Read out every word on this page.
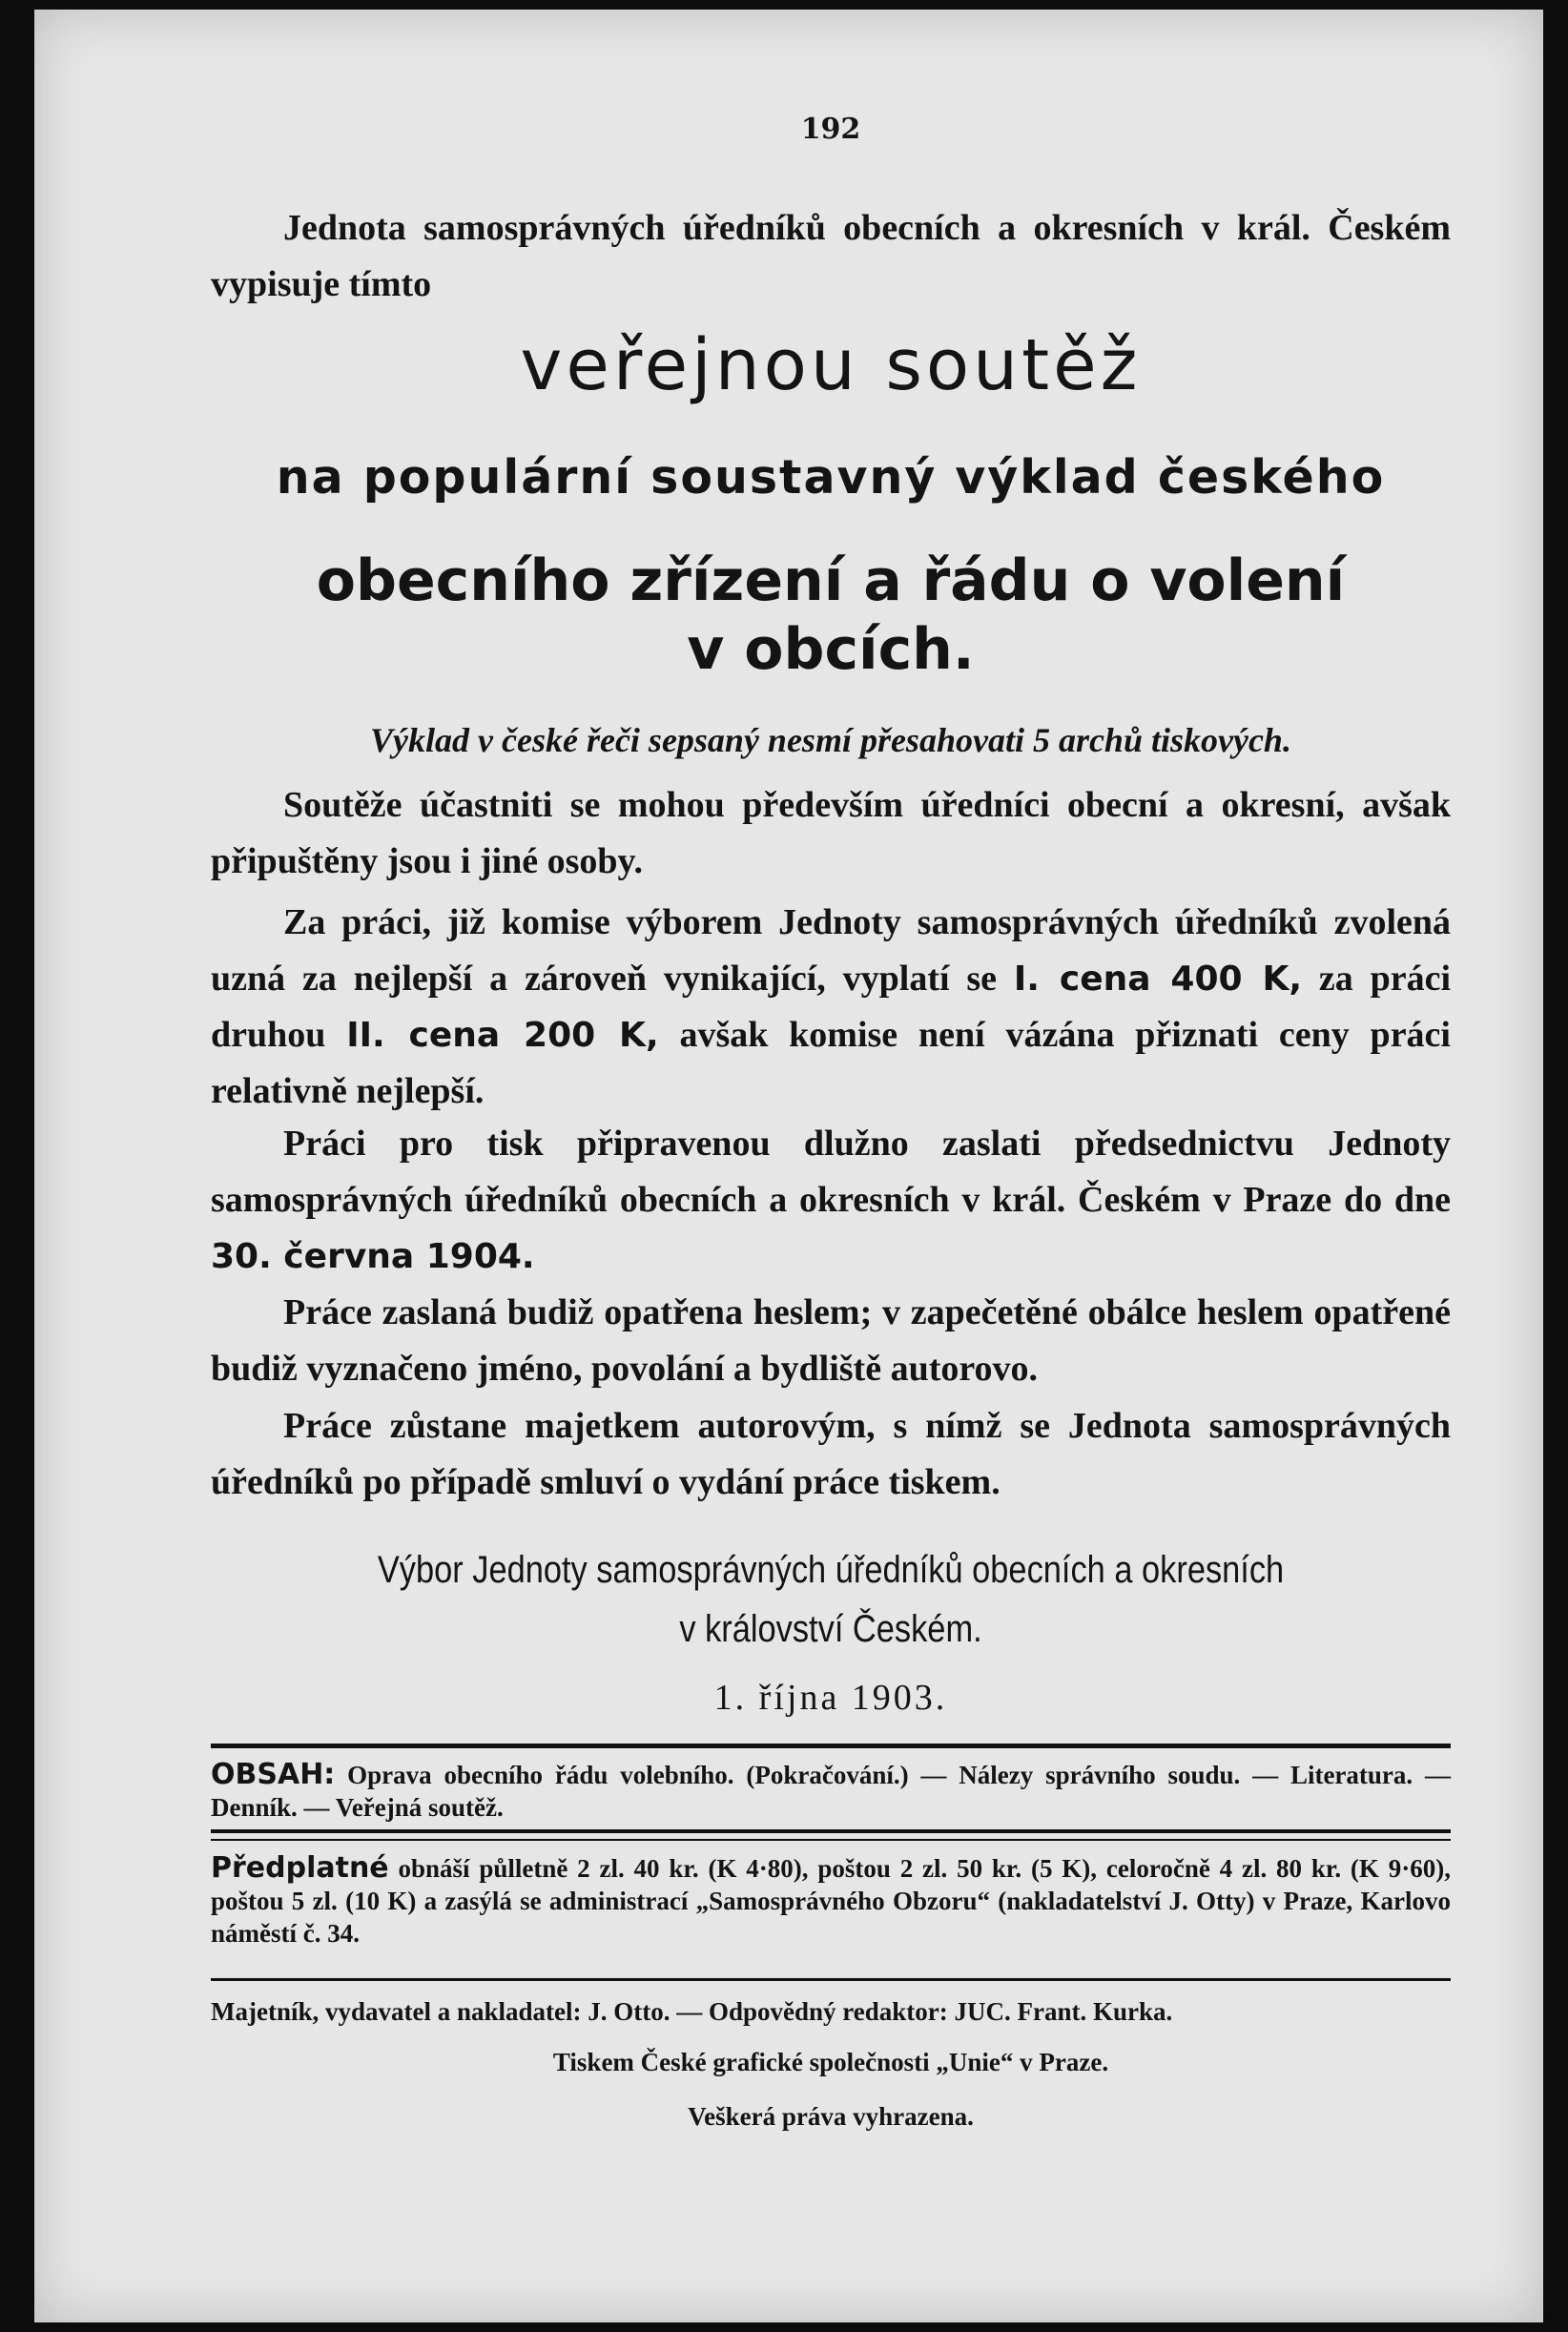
192

Jednota samosprávných úředníků obecních a okresních v král. Českém vypisuje tímto

veřejnou soutěž
na populární soustavný výklad českého
obecního zřízení a řádu o volení
v obcích.

Výklad v české řeči sepsaný nesmí přesahovati 5 archů tiskových.

Soutěže účastniti se mohou především úředníci obecní a okresní, avšak připuštěny jsou i jiné osoby.

Za práci, již komise výborem Jednoty samosprávných úředníků zvolená uzná za nejlepší a zároveň vynikající, vyplatí se I. cena 400 K, za práci druhou II. cena 200 K, avšak komise není vázána přiznati ceny práci relativně nejlepší.

Práci pro tisk připravenou dlužno zaslati předsednictvu Jednoty samosprávných úředníků obecních a okresních v král. Českém v Praze do dne 30. června 1904.

Práce zaslaná budiž opatřena heslem; v zapečetěné obálce heslem opatřené budiž vyznačeno jméno, povolání a bydliště autorovo.

Práce zůstane majetkem autorovým, s nímž se Jednota samosprávných úředníků po případě smluví o vydání práce tiskem.

Výbor Jednoty samosprávných úředníků obecních a okresních
v království Českém.
1. října 1903.

OBSAH: Oprava obecního řádu volebního. (Pokračování.) — Nálezy správního soudu. — Literatura. — Denník. — Veřejná soutěž.

Předplatné obnáší půlletně 2 zl. 40 kr. (K 4·80), poštou 2 zl. 50 kr. (5 K), celoročně 4 zl. 80 kr. (K 9·60), poštou 5 zl. (10 K) a zasýlá se administrací „Samosprávného Obzoru“ (nakladatelství J. Otty) v Praze, Karlovo náměstí č. 34.

Majetník, vydavatel a nakladatel: J. Otto. — Odpovědný redaktor: JUC. Frant. Kurka.

Tiskem České grafické společnosti „Unie“ v Praze.

Veškerá práva vyhrazena.
